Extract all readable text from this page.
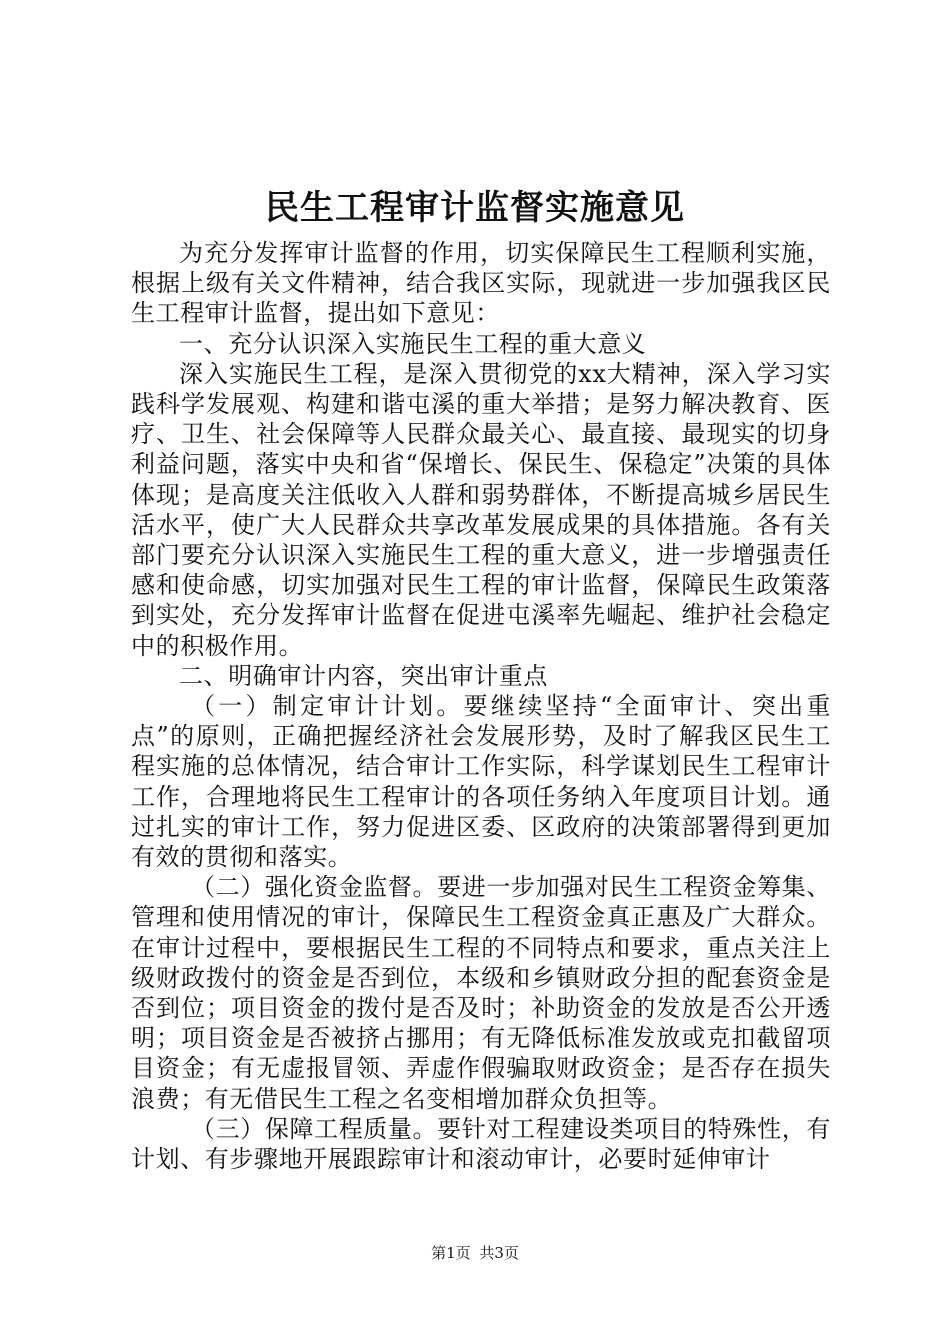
民生工程审计监督实施意见

为充分发挥审计监督的作用，切实保障民生工程顺利实施，根据上级有关文件精神，结合我区实际，现就进一步加强我区民生工程审计监督，提出如下意见：

一、充分认识深入实施民生工程的重大意义

深入实施民生工程，是深入贯彻党的xx大精神，深入学习实践科学发展观、构建和谐屯溪的重大举措；是努力解决教育、医疗、卫生、社会保障等人民群众最关心、最直接、最现实的切身利益问题，落实中央和省“保增长、保民生、保稳定”决策的具体体现；是高度关注低收入人群和弱势群体，不断提高城乡居民生活水平，使广大人民群众共享改革发展成果的具体措施。各有关部门要充分认识深入实施民生工程的重大意义，进一步增强责任感和使命感，切实加强对民生工程的审计监督，保障民生政策落到实处，充分发挥审计监督在促进屯溪率先崛起、维护社会稳定中的积极作用。

二、明确审计内容，突出审计重点

（一）制定审计计划。要继续坚持“全面审计、突出重点”的原则，正确把握经济社会发展形势，及时了解我区民生工程实施的总体情况，结合审计工作实际，科学谋划民生工程审计工作，合理地将民生工程审计的各项任务纳入年度项目计划。通过扎实的审计工作，努力促进区委、区政府的决策部署得到更加有效的贯彻和落实。

（二）强化资金监督。要进一步加强对民生工程资金筹集、管理和使用情况的审计，保障民生工程资金真正惠及广大群众。在审计过程中，要根据民生工程的不同特点和要求，重点关注上级财政拨付的资金是否到位，本级和乡镇财政分担的配套资金是否到位；项目资金的拨付是否及时；补助资金的发放是否公开透明；项目资金是否被挤占挪用；有无降低标准发放或克扣截留项目资金；有无虚报冒领、弄虚作假骗取财政资金；是否存在损失浪费；有无借民生工程之名变相增加群众负担等。

（三）保障工程质量。要针对工程建设类项目的特殊性，有计划、有步骤地开展跟踪审计和滚动审计，必要时延伸审计

第1页 共3页
